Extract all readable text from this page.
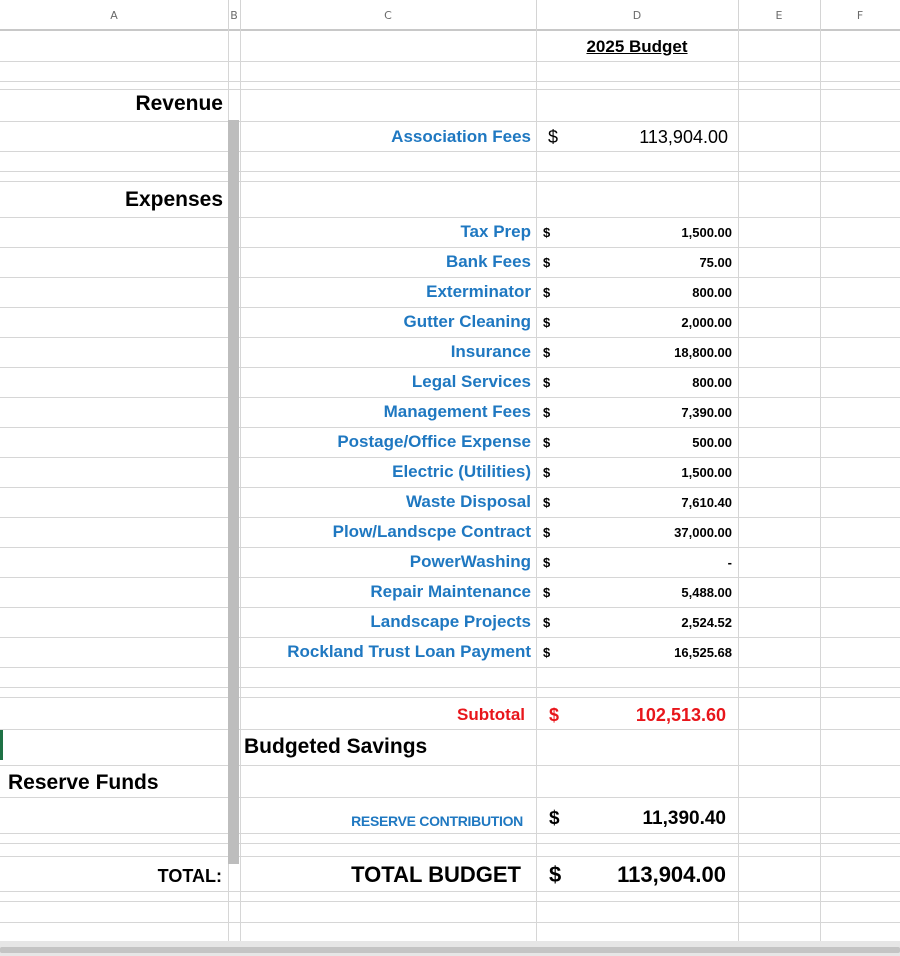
A	B	C	D	E	F
2025 Budget
Revenue
Association Fees $	113,904.00
Expenses
Tax Prep $	1,500.00
Bank Fees $	75.00
Exterminator $	800.00
Gutter Cleaning $	2,000.00
Insurance $	18,800.00
Legal Services $	800.00
Management Fees $	7,390.00
Postage/Office Expense $	500.00
Electric (Utilities) $	1,500.00
Waste Disposal $	7,610.40
Plow/Landscpe Contract $	37,000.00
PowerWashing $	-
Repair Maintenance $	5,488.00
Landscape Projects $	2,524.52
Rockland Trust Loan Payment $	16,525.68
Subtotal $	102,513.60
Budgeted Savings
Reserve Funds
RESERVE CONTRIBUTION $	11,390.40
TOTAL:	TOTAL BUDGET $	113,904.00
